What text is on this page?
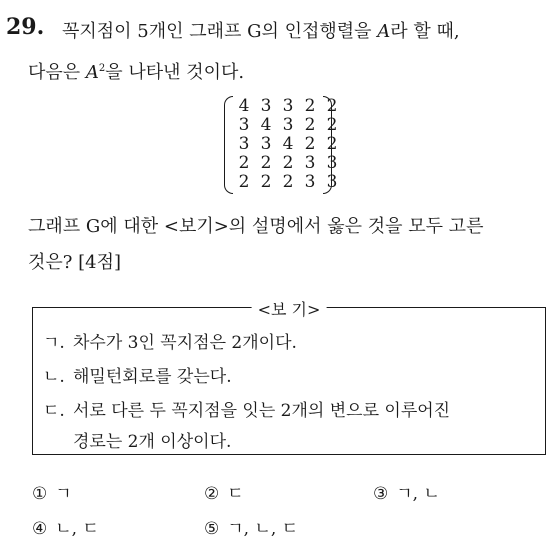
29. 꼭지점이 5개인 그래프 G의 인접행렬을 A라 할 때,
다음은 $A^2$을 나타낸 것이다.
4 3 3 2 2
3 4 3 2 2
3 3 4 2 2
2 2 2 3 3
2 2 2 3 3
그래프 G에 대한 <보기>의 설명에서 옳은 것을 모두 고른
것은? [4점]
<보 기>
ㄱ. 차수가 3인 꼭지점은 2개이다.
ㄴ. 해밀턴회로를 갖는다.
ㄷ. 서로 다른 두 꼭지점을 잇는 2개의 변으로 이루어진
경로는 2개 이상이다.
① ㄱ	② ㄷ	③ ㄱ, ㄴ
④ ㄴ, ㄷ	⑤ ㄱ, ㄴ, ㄷ
